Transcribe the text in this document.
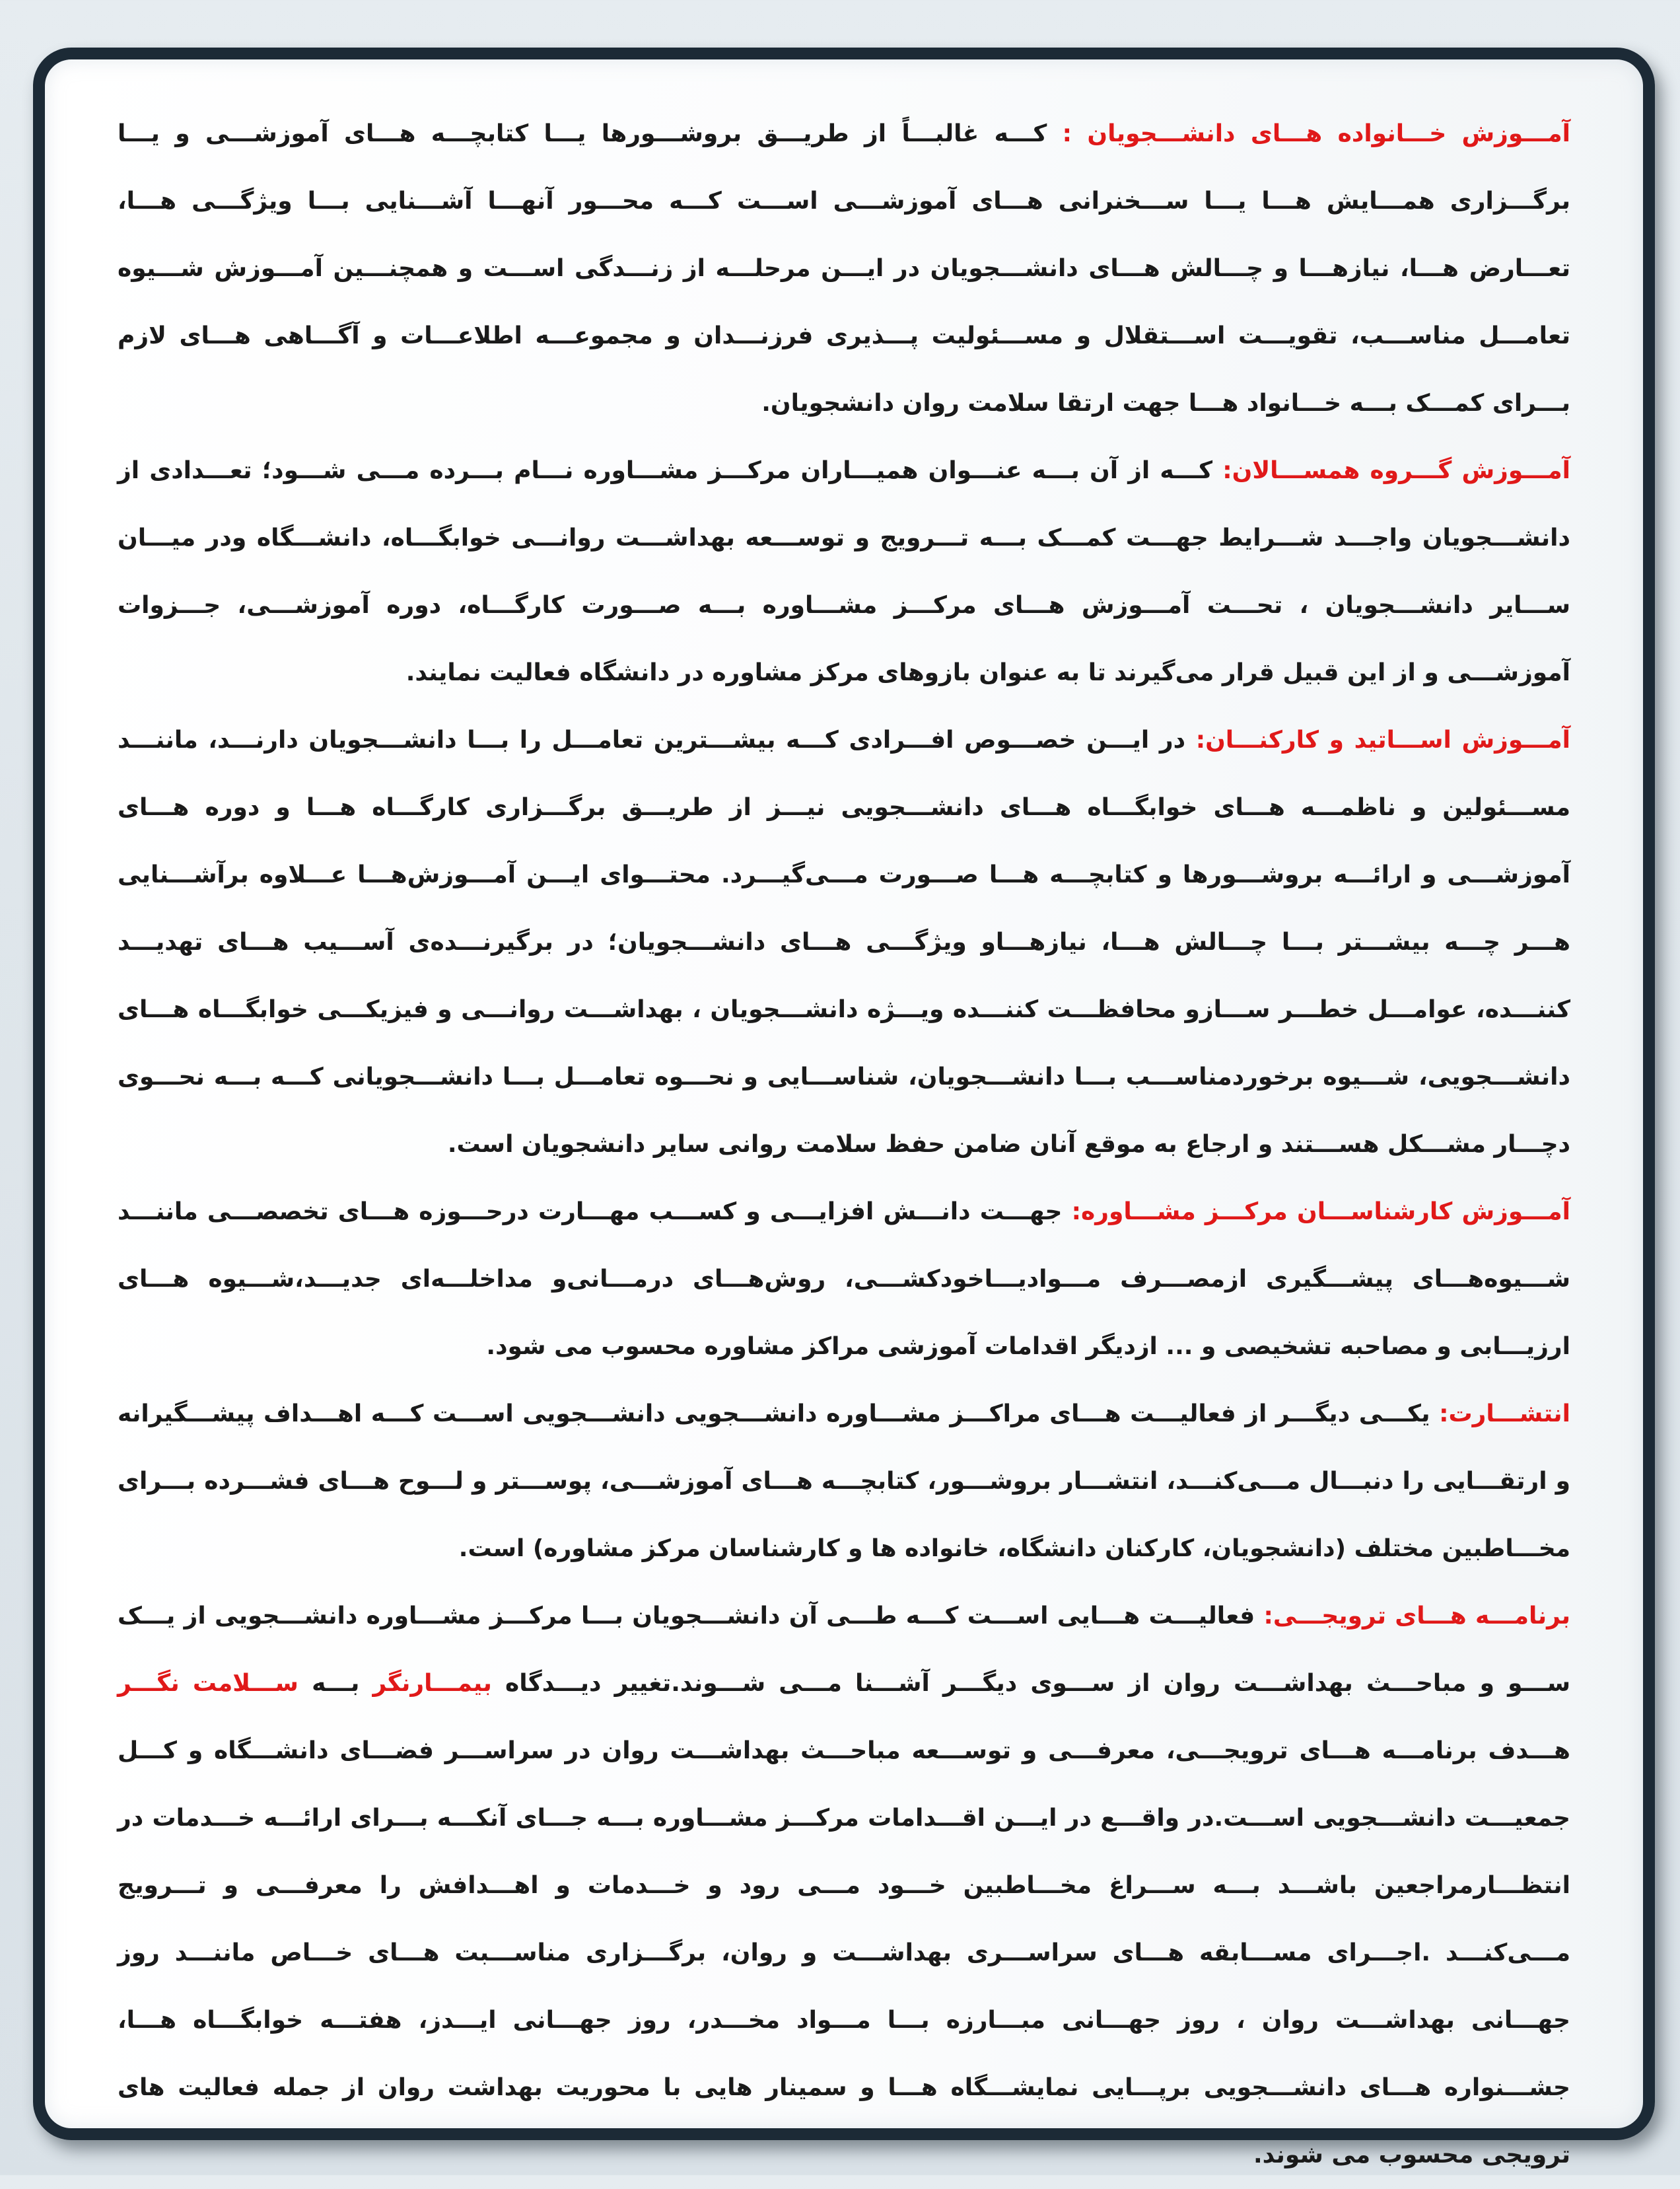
آمـــوزش خـــانواده هـــای دانشـــجویان : کـــه غالبـــاً از طریـــق بروشـــورها یـــا کتابچـــه هـــای آموزشـــی و یـــا برگـــزاری همـــایش هـــا یـــا ســـخنرانی هـــای آموزشـــی اســـت کـــه محـــور آنهـــا آشـــنایی بـــا ویژگـــی هـــا، تعـــارض هـــا، نیازهـــا و چـــالش هـــای دانشـــجویان در ایـــن مرحلـــه از زنـــدگی اســـت و همچنـــین آمـــوزش شـــیوه تعامـــل مناســـب، تقویـــت اســـتقلال و مســـئولیت پـــذیری فرزنـــدان و مجموعـــه اطلاعـــات و آگـــاهی هـــای لازم بـــرای کمـــک بـــه خـــانواد هـــا جهت ارتقا سلامت روان دانشجویان.

آمـــوزش گـــروه همســـالان: کـــه از آن بـــه عنـــوان همیـــاران مرکـــز مشـــاوره نـــام بـــرده مـــی شـــود؛ تعـــدادی از دانشـــجویان واجـــد شـــرایط جهـــت کمـــک بـــه تـــرویج و توســـعه بهداشـــت روانـــی خوابگـــاه، دانشـــگاه ودر میـــان ســـایر دانشـــجویان ، تحـــت آمـــوزش هـــای مرکـــز مشـــاوره بـــه صـــورت کارگـــاه، دوره آموزشـــی، جـــزوات آموزشـــی و از این قبیل قرار می‌گیرند تا به عنوان بازوهای مرکز مشاوره در دانشگاه فعالیت نمایند.

آمـــوزش اســـاتید و کارکنـــان: در ایـــن خصـــوص افـــرادی کـــه بیشـــترین تعامـــل را بـــا دانشـــجویان دارنـــد، ماننـــد مســـئولین و ناظمـــه هـــای خوابگـــاه هـــای دانشـــجویی نیـــز از طریـــق برگـــزاری کارگـــاه هـــا و دوره هـــای آموزشـــی و ارائـــه بروشـــورها و کتابچـــه هـــا صـــورت مـــی‌گیـــرد. محتـــوای ایـــن آمـــوزش‌هـــا عـــلاوه برآشـــنایی هـــر چـــه بیشـــتر بـــا چـــالش هـــا، نیازهـــاو ویژگـــی هـــای دانشـــجویان؛ در برگیرنـــده‌ی آســـیب هـــای تهدیـــد کننـــده، عوامـــل خطـــر ســـازو محافظـــت کننـــده ویـــژه دانشـــجویان ، بهداشـــت روانـــی و فیزیکـــی خوابگـــاه هـــای دانشـــجویی، شـــیوه برخوردمناســـب بـــا دانشـــجویان، شناســـایی و نحـــوه تعامـــل بـــا دانشـــجویانی کـــه بـــه نحـــوی دچـــار مشـــکل هســـتند و ارجاع به موقع آنان ضامن حفظ سلامت روانی سایر دانشجویان است.

آمـــوزش کارشناســـان مرکـــز مشـــاوره: جهـــت دانـــش افزایـــی و کســـب مهـــارت درحـــوزه هـــای تخصصـــی ماننـــد شـــیوه‌هـــای پیشـــگیری ازمصـــرف مـــوادیـــاخودکشـــی، روش‌هـــای درمـــانی‌و مداخلـــه‌ای جدیـــد،شـــیوه هـــای ارزیـــابی و مصاحبه تشخیصی و ... ازدیگر اقدامات آموزشی مراکز مشاوره محسوب می شود.

انتشـــارت: یکـــی دیگـــر از فعالیـــت هـــای مراکـــز مشـــاوره دانشـــجویی دانشـــجویی اســـت کـــه اهـــداف پیشـــگیرانه و ارتقـــایی را دنبـــال مـــی‌کنـــد، انتشـــار بروشـــور، کتابچـــه هـــای آموزشـــی، پوســـتر و لـــوح هـــای فشـــرده بـــرای مخـــاطبین مختلف (دانشجویان، کارکنان دانشگاه، خانواده ها و کارشناسان مرکز مشاوره) است.

برنامـــه هـــای ترویجـــی: فعالیـــت هـــایی اســـت کـــه طـــی آن دانشـــجویان بـــا مرکـــز مشـــاوره دانشـــجویی از یـــک ســـو و مباحـــث بهداشـــت روان از ســـوی دیگـــر آشـــنا مـــی شـــوند.تغییر دیـــدگاه بیمـــارنگر بـــه ســـلامت نگـــر هـــدف برنامـــه هـــای ترویجـــی، معرفـــی و توســـعه مباحـــث بهداشـــت روان در سراســـر فضـــای دانشـــگاه و کـــل جمعیـــت دانشـــجویی اســـت.در واقـــع در ایـــن اقـــدامات مرکـــز مشـــاوره بـــه جـــای آنکـــه بـــرای ارائـــه خـــدمات در انتظـــارمراجعین باشـــد بـــه ســـراغ مخـــاطبین خـــود مـــی رود و خـــدمات و اهـــدافش را معرفـــی و تـــرویج مـــی‌کنـــد .اجـــرای مســـابقه هـــای سراســـری بهداشـــت و روان، برگـــزاری مناســـبت هـــای خـــاص ماننـــد روز جهـــانی بهداشـــت روان ، روز جهـــانی مبـــارزه بـــا مـــواد مخـــدر، روز جهـــانی ایـــدز، هفتـــه خوابگـــاه هـــا، جشـــنواره هـــای دانشـــجویی برپـــایی نمایشـــگاه هـــا و سمینار هایی با محوریت بهداشت روان از جمله فعالیت های ترویجی محسوب می شوند.
